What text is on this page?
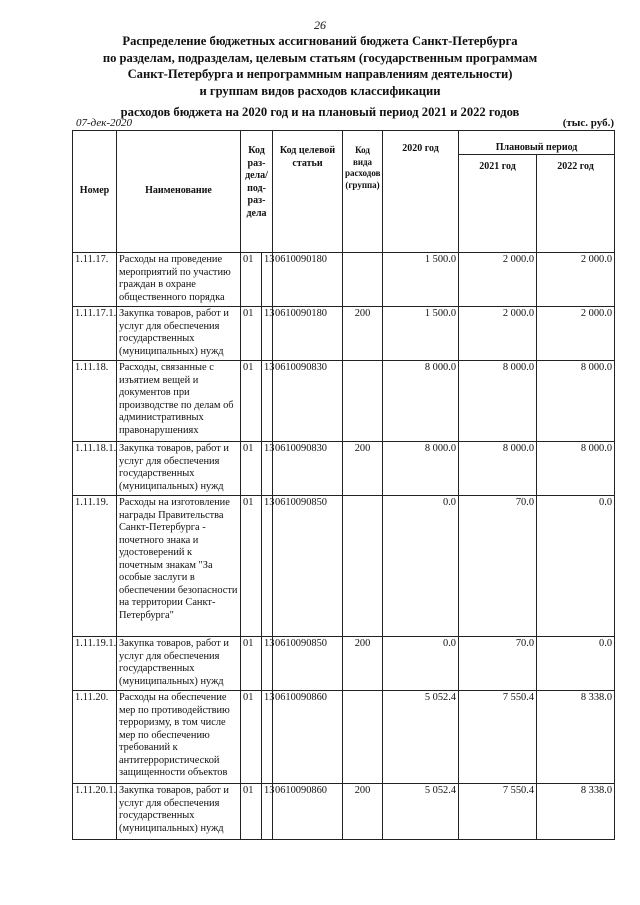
26
Распределение бюджетных ассигнований бюджета Санкт-Петербурга
по разделам, подразделам, целевым статьям (государственным программам
Санкт-Петербурга и непрограммным направлениям деятельности)
и группам видов расходов классификации
расходов бюджета на 2020 год и на плановый период 2021 и 2022 годов
07-дек-2020	(тыс. руб.)
Номер	Наименование	Код раз-дела/ под-раз-дела		Код целевой статьи	Код вида расходов (группа)	2020 год	Плановый период	
							2021 год	2022 год
1.11.17.	Расходы на проведение мероприятий по участию граждан в охране общественного порядка	01	13	0610090180		1 500.0	2 000.0	2 000.0
1.11.17.1.	Закупка товаров, работ и услуг для обеспечения государственных (муниципальных) нужд	01	13	0610090180	200	1 500.0	2 000.0	2 000.0
1.11.18.	Расходы, связанные с изъятием вещей и документов при производстве по делам об административных правонарушениях	01	13	0610090830		8 000.0	8 000.0	8 000.0
1.11.18.1.	Закупка товаров, работ и услуг для обеспечения государственных (муниципальных) нужд	01	13	0610090830	200	8 000.0	8 000.0	8 000.0
1.11.19.	Расходы на изготовление награды Правительства Санкт-Петербурга - почетного знака и удостоверений к почетным знакам "За особые заслуги в обеспечении безопасности на территории Санкт-Петербурга"	01	13	0610090850		0.0	70.0	0.0
1.11.19.1.	Закупка товаров, работ и услуг для обеспечения государственных (муниципальных) нужд	01	13	0610090850	200	0.0	70.0	0.0
1.11.20.	Расходы на обеспечение мер по противодействию терроризму, в том числе мер по обеспечению требований к антитеррористической защищенности объектов	01	13	0610090860		5 052.4	7 550.4	8 338.0
1.11.20.1.	Закупка товаров, работ и услуг для обеспечения государственных (муниципальных) нужд	01	13	0610090860	200	5 052.4	7 550.4	8 338.0
